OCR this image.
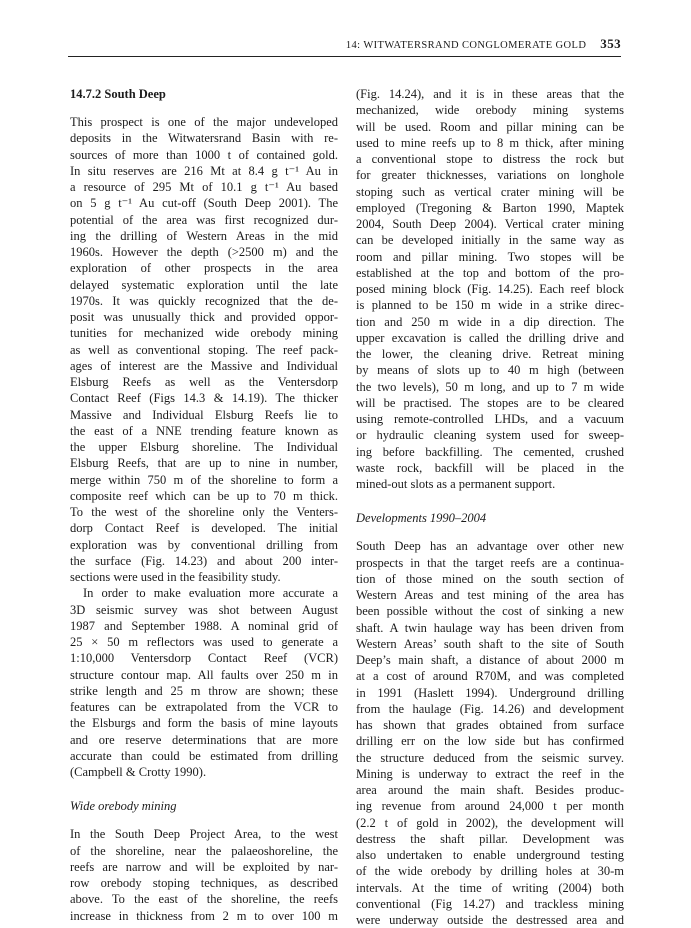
14: WITWATERSRAND CONGLOMERATE GOLD 353
14.7.2 South Deep
This prospect is one of the major undeveloped
deposits in the Witwatersrand Basin with re-
sources of more than 1000 t of contained gold.
In situ reserves are 216 Mt at 8.4 g t⁻¹ Au in
a resource of 295 Mt of 10.1 g t⁻¹ Au based
on 5 g t⁻¹ Au cut-off (South Deep 2001). The
potential of the area was first recognized dur-
ing the drilling of Western Areas in the mid
1960s. However the depth (>2500 m) and the
exploration of other prospects in the area
delayed systematic exploration until the late
1970s. It was quickly recognized that the de-
posit was unusually thick and provided oppor-
tunities for mechanized wide orebody mining
as well as conventional stoping. The reef pack-
ages of interest are the Massive and Individual
Elsburg Reefs as well as the Ventersdorp
Contact Reef (Figs 14.3 & 14.19). The thicker
Massive and Individual Elsburg Reefs lie to
the east of a NNE trending feature known as
the upper Elsburg shoreline. The Individual
Elsburg Reefs, that are up to nine in number,
merge within 750 m of the shoreline to form a
composite reef which can be up to 70 m thick.
To the west of the shoreline only the Venters-
dorp Contact Reef is developed. The initial
exploration was by conventional drilling from
the surface (Fig. 14.23) and about 200 inter-
sections were used in the feasibility study.
In order to make evaluation more accurate a
3D seismic survey was shot between August
1987 and September 1988. A nominal grid of
25 × 50 m reflectors was used to generate a
1:10,000 Ventersdorp Contact Reef (VCR)
structure contour map. All faults over 250 m in
strike length and 25 m throw are shown; these
features can be extrapolated from the VCR to
the Elsburgs and form the basis of mine layouts
and ore reserve determinations that are more
accurate than could be estimated from drilling
(Campbell & Crotty 1990).
Wide orebody mining
In the South Deep Project Area, to the west
of the shoreline, near the palaeoshoreline, the
reefs are narrow and will be exploited by nar-
row orebody stoping techniques, as described
above. To the east of the shoreline, the reefs
increase in thickness from 2 m to over 100 m
(Fig. 14.24), and it is in these areas that the
mechanized, wide orebody mining systems
will be used. Room and pillar mining can be
used to mine reefs up to 8 m thick, after mining
a conventional stope to distress the rock but
for greater thicknesses, variations on longhole
stoping such as vertical crater mining will be
employed (Tregoning & Barton 1990, Maptek
2004, South Deep 2004). Vertical crater mining
can be developed initially in the same way as
room and pillar mining. Two stopes will be
established at the top and bottom of the pro-
posed mining block (Fig. 14.25). Each reef block
is planned to be 150 m wide in a strike direc-
tion and 250 m wide in a dip direction. The
upper excavation is called the drilling drive and
the lower, the cleaning drive. Retreat mining
by means of slots up to 40 m high (between
the two levels), 50 m long, and up to 7 m wide
will be practised. The stopes are to be cleared
using remote-controlled LHDs, and a vacuum
or hydraulic cleaning system used for sweep-
ing before backfilling. The cemented, crushed
waste rock, backfill will be placed in the
mined-out slots as a permanent support.
Developments 1990–2004
South Deep has an advantage over other new
prospects in that the target reefs are a continua-
tion of those mined on the south section of
Western Areas and test mining of the area has
been possible without the cost of sinking a new
shaft. A twin haulage way has been driven from
Western Areas’ south shaft to the site of South
Deep’s main shaft, a distance of about 2000 m
at a cost of around R70M, and was completed
in 1991 (Haslett 1994). Underground drilling
from the haulage (Fig. 14.26) and development
has shown that grades obtained from surface
drilling err on the low side but has confirmed
the structure deduced from the seismic survey.
Mining is underway to extract the reef in the
area around the main shaft. Besides produc-
ing revenue from around 24,000 t per month
(2.2 t of gold in 2002), the development will
destress the shaft pillar. Development was
also undertaken to enable underground testing
of the wide orebody by drilling holes at 30-m
intervals. At the time of writing (2004) both
conventional (Fig 14.27) and trackless mining
were underway outside the destressed area and
